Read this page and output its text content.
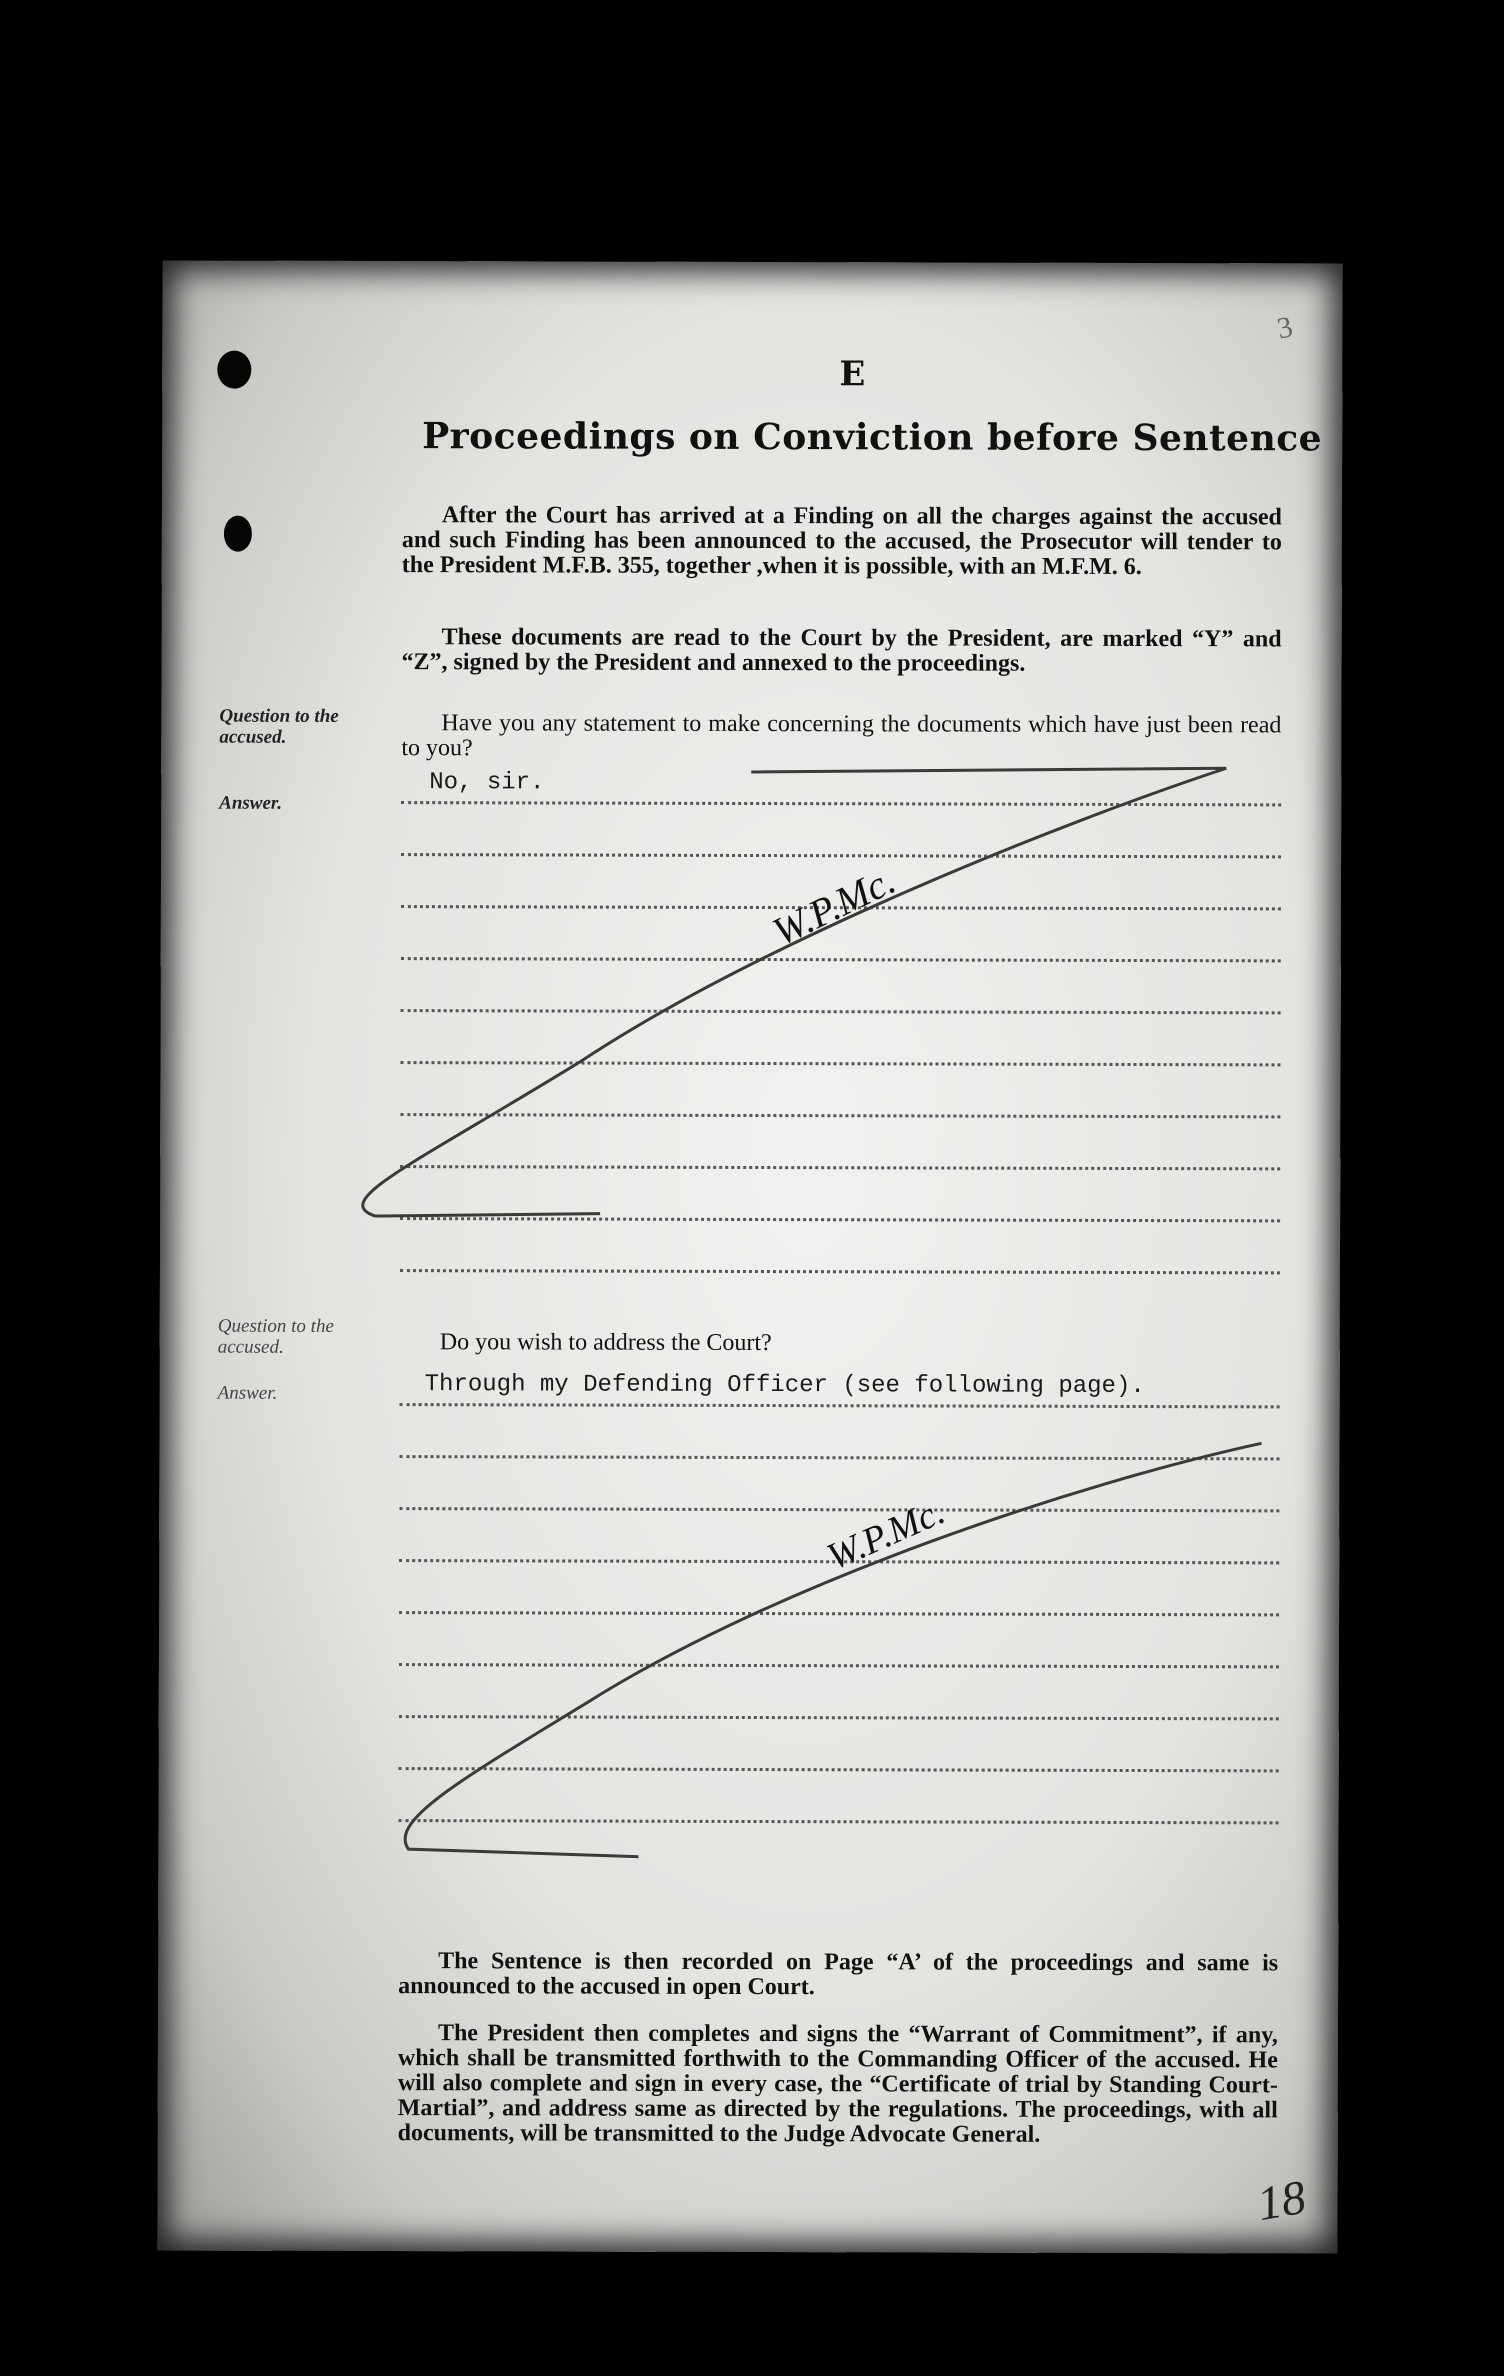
3
E
Proceedings on Conviction before Sentence
After the Court has arrived at a Finding on all the charges against the accused and such Finding has been announced to the accused, the Prosecutor will tender to the President M.F.B. 355, together ,when it is possible, with an M.F.M. 6.
These documents are read to the Court by the President, are marked “Y” and “Z”, signed by the President and annexed to the proceedings.
Question to the accused.
Answer.
Have you any statement to make concerning the documents which have just been read to you?
No, sir.
W.P.Mc.
Question to the accused.
Answer.
Do you wish to address the Court?
Through my Defending Officer (see following page).
W.P.Mc.
The Sentence is then recorded on Page “A’ of the proceedings and same is announced to the accused in open Court.
The President then completes and signs the “Warrant of Commitment”, if any, which shall be transmitted forthwith to the Commanding Officer of the accused. He will also complete and sign in every case, the “Certificate of trial by Standing Court-Martial”, and address same as directed by the regulations. The proceedings, with all documents, will be transmitted to the Judge Advocate General.
18
